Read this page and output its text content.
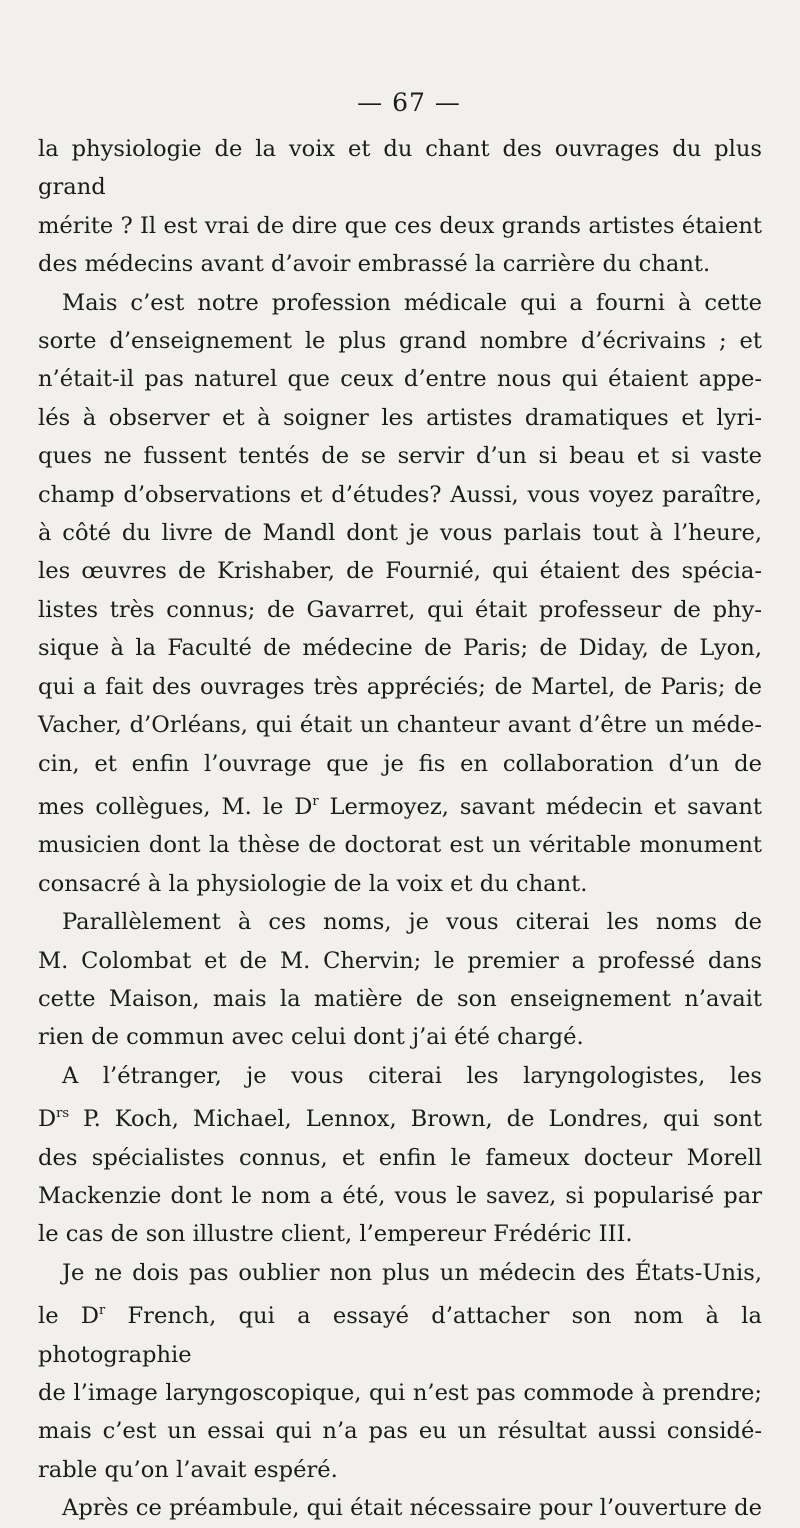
— 67 —

la physiologie de la voix et du chant des ouvrages du plus grand

mérite ? Il est vrai de dire que ces deux grands artistes étaient

des médecins avant d’avoir embrassé la carrière du chant.

Mais c’est notre profession médicale qui a fourni à cette

sorte d’enseignement le plus grand nombre d’écrivains ; et

n’était-il pas naturel que ceux d’entre nous qui étaient appe-

lés à observer et à soigner les artistes dramatiques et lyri-

ques ne fussent tentés de se servir d’un si beau et si vaste

champ d’observations et d’études? Aussi, vous voyez paraître,

à côté du livre de Mandl dont je vous parlais tout à l’heure,

les œuvres de Krishaber, de Fournié, qui étaient des spécia-

listes très connus; de Gavarret, qui était professeur de phy-

sique à la Faculté de médecine de Paris; de Diday, de Lyon,

qui a fait des ouvrages très appréciés; de Martel, de Paris; de

Vacher, d’Orléans, qui était un chanteur avant d’être un méde-

cin, et enfin l’ouvrage que je fis en collaboration d’un de

mes collègues, M. le $D^r$ Lermoyez, savant médecin et savant

musicien dont la thèse de doctorat est un véritable monument

consacré à la physiologie de la voix et du chant.

Parallèlement à ces noms, je vous citerai les noms de

M. Colombat et de M. Chervin; le premier a professé dans

cette Maison, mais la matière de son enseignement n’avait

rien de commun avec celui dont j’ai été chargé.

A l’étranger, je vous citerai les laryngologistes, les

$D^{rs}$ P. Koch, Michael, Lennox, Brown, de Londres, qui sont

des spécialistes connus, et enfin le fameux docteur Morell

Mackenzie dont le nom a été, vous le savez, si popularisé par

le cas de son illustre client, l’empereur Frédéric III.

Je ne dois pas oublier non plus un médecin des États-Unis,

le $D^r$ French, qui a essayé d’attacher son nom à la photographie

de l’image laryngoscopique, qui n’est pas commode à prendre;

mais c’est un essai qui n’a pas eu un résultat aussi considé-

rable qu’on l’avait espéré.

Après ce préambule, qui était nécessaire pour l’ouverture de
